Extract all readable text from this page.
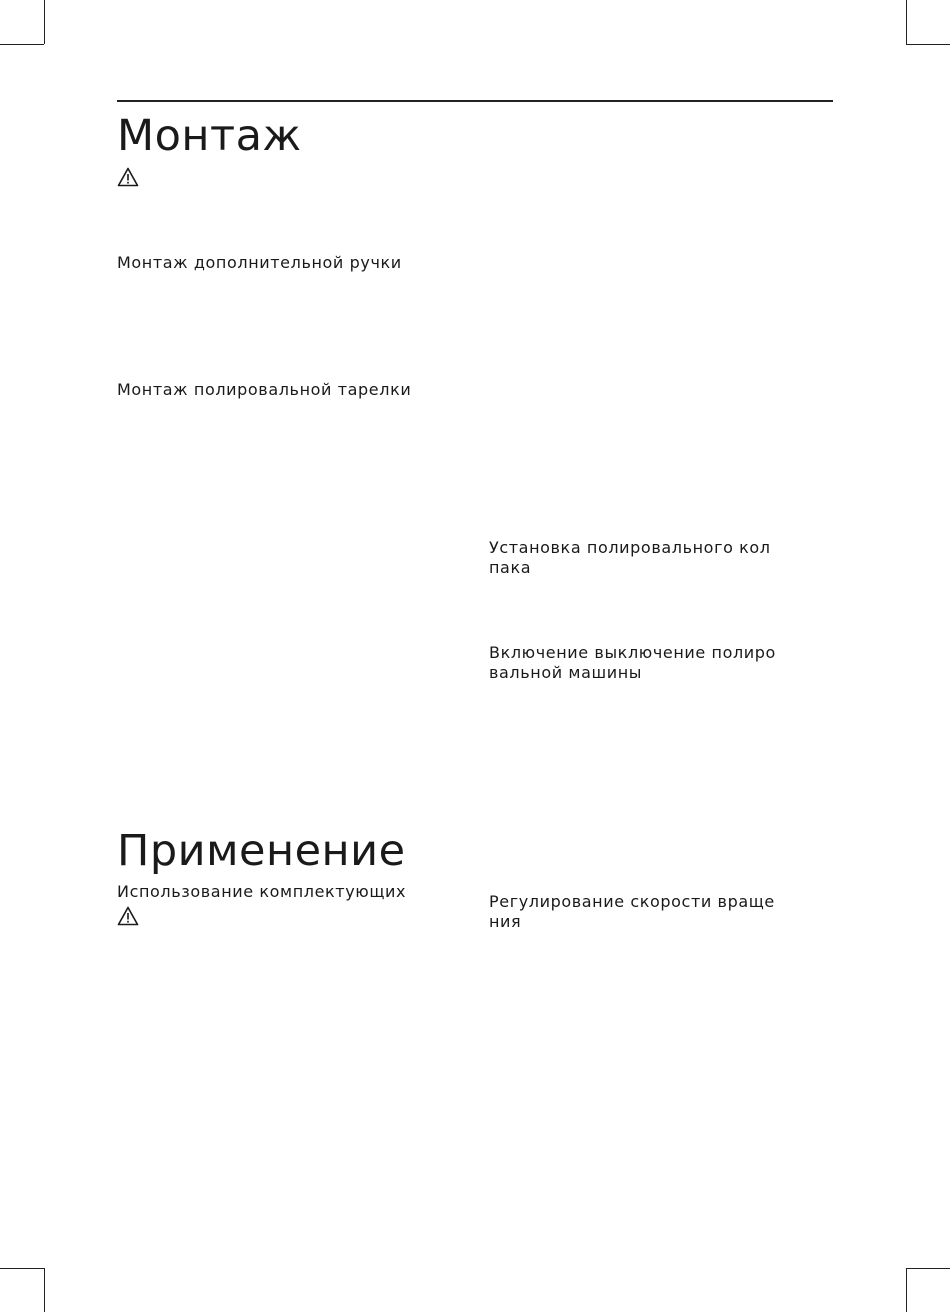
Монтаж
Монтаж дополнительной ручки
Монтаж полировальной тарелки
Установка полировального кол
пака
Включение выключение полиро
вальной машины
Применение
Использование комплектующих
Регулирование скорости враще
ния
